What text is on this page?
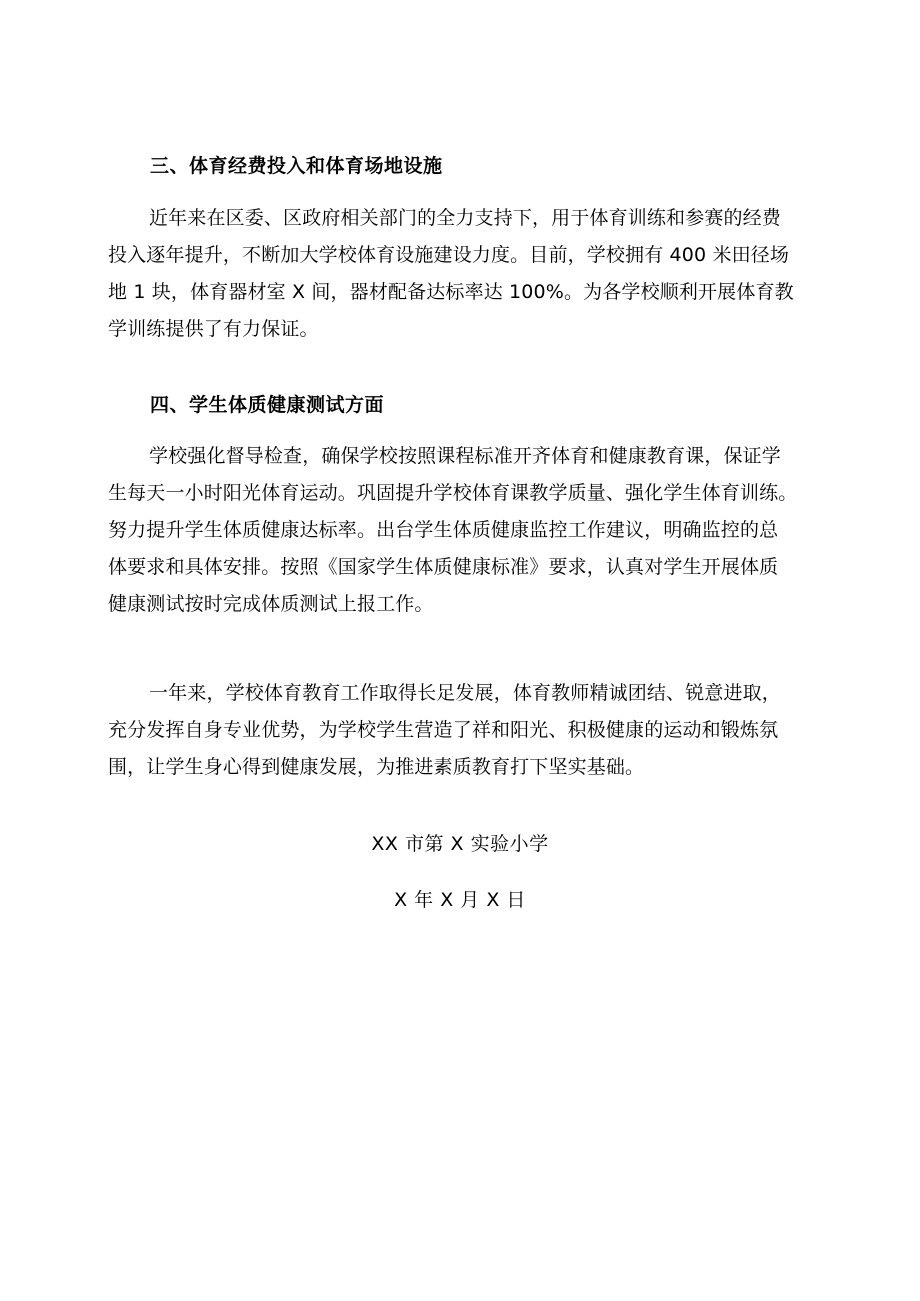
三、体育经费投入和体育场地设施
近年来在区委、区政府相关部门的全力支持下，用于体育训练和参赛的经费
投入逐年提升，不断加大学校体育设施建设力度。目前，学校拥有 400 米田径场
地 1 块，体育器材室 X 间，器材配备达标率达 100%。为各学校顺利开展体育教
学训练提供了有力保证。
四、学生体质健康测试方面
学校强化督导检查，确保学校按照课程标准开齐体育和健康教育课，保证学
生每天一小时阳光体育运动。巩固提升学校体育课教学质量、强化学生体育训练。
努力提升学生体质健康达标率。出台学生体质健康监控工作建议，明确监控的总
体要求和具体安排。按照《国家学生体质健康标准》要求，认真对学生开展体质
健康测试按时完成体质测试上报工作。
一年来，学校体育教育工作取得长足发展，体育教师精诚团结、锐意进取，
充分发挥自身专业优势，为学校学生营造了祥和阳光、积极健康的运动和锻炼氛
围，让学生身心得到健康发展，为推进素质教育打下坚实基础。
XX 市第 X 实验小学
X 年 X 月 X 日
